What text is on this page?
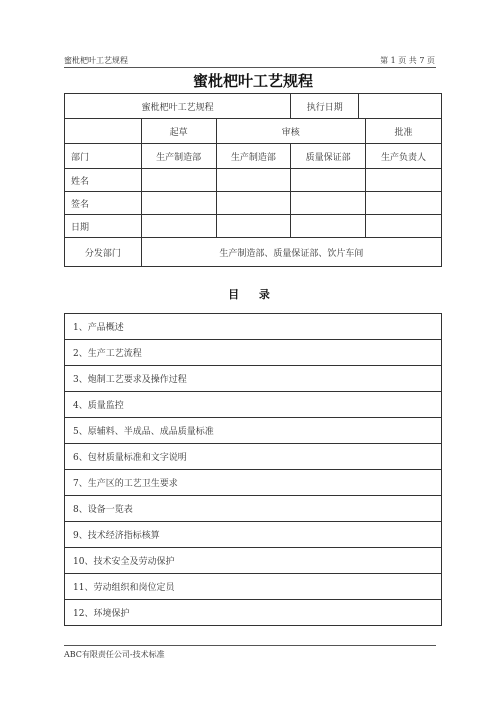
蜜枇杷叶工艺规程	第 1 页 共 7 页
蜜枇杷叶工艺规程
蜜枇杷叶工艺规程			执行日期	

	起草	审核		批准
部门	生产制造部	生产制造部	质量保证部	生产负责人
姓名				
签名				
日期				
分发部门	生产制造部、质量保证部、饮片车间			
目 录
1、产品概述
2、生产工艺流程
3、炮制工艺要求及操作过程
4、质量监控
5、原辅料、半成品、成品质量标准
6、包材质量标准和文字说明
7、生产区的工艺卫生要求
8、设备一览表
9、技术经济指标核算
10、技术安全及劳动保护
11、劳动组织和岗位定员
12、环境保护
ABC有限责任公司-技术标准
